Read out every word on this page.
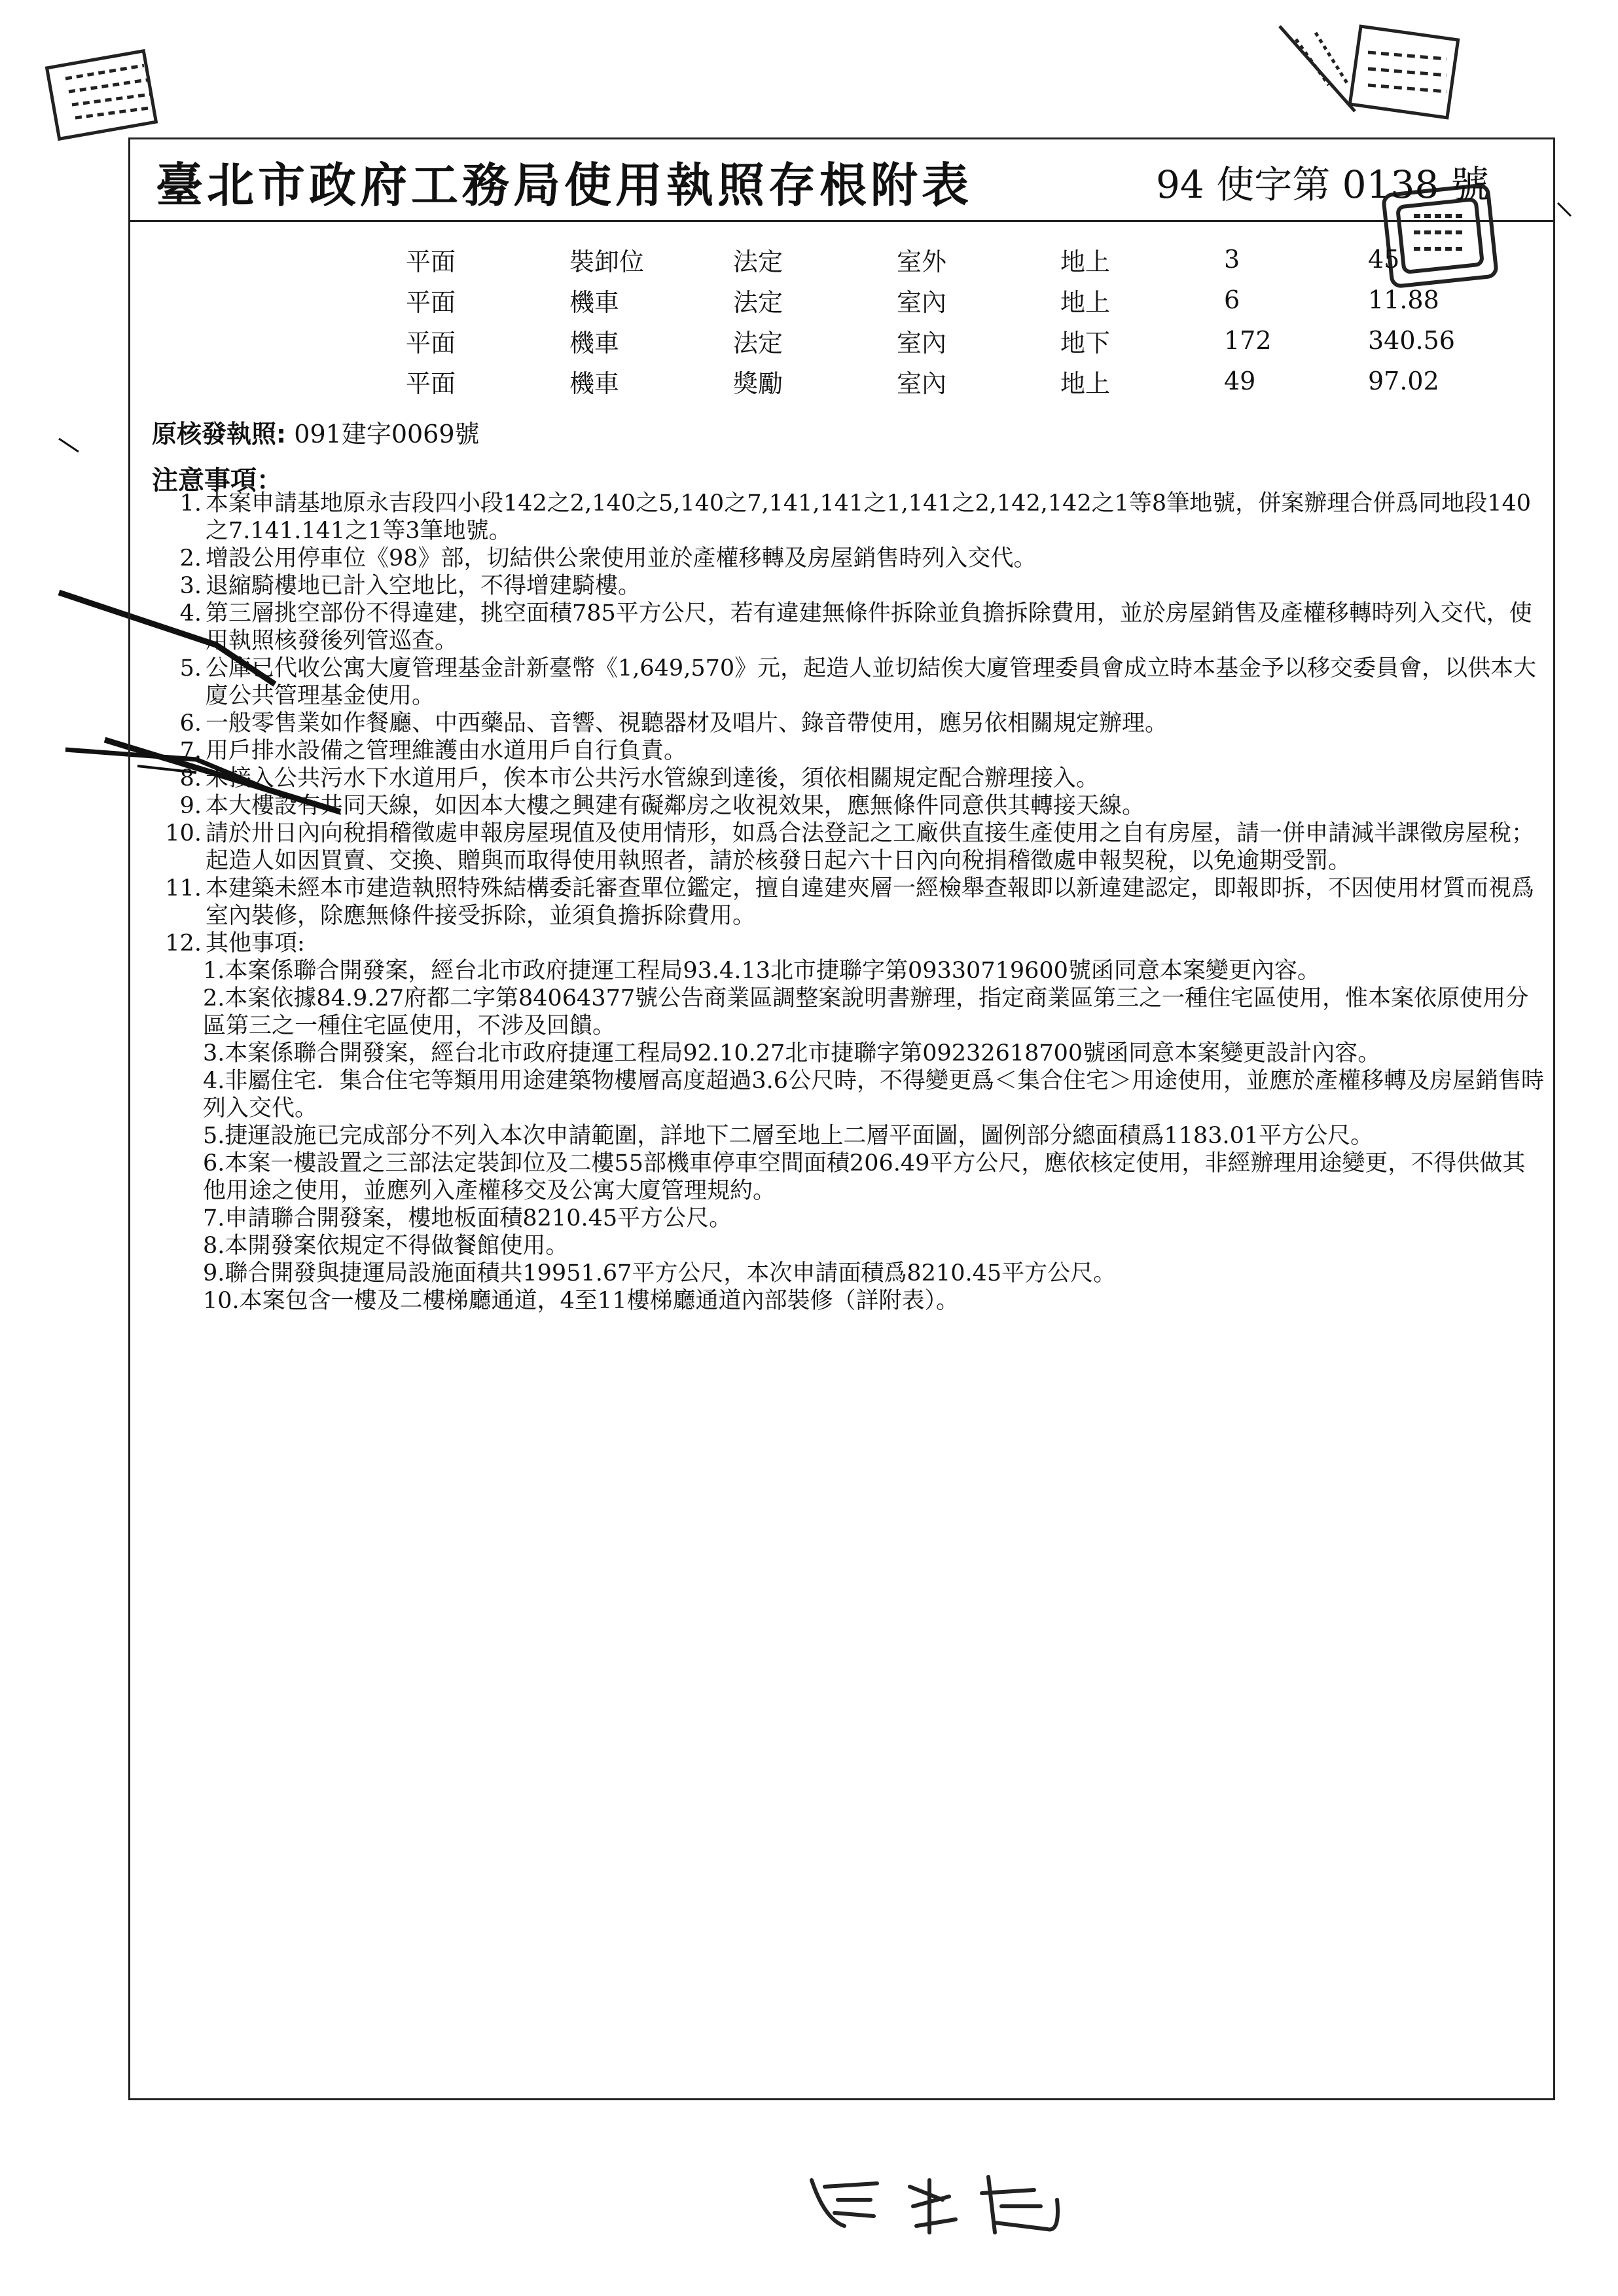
臺北市政府工務局使用執照存根附表	94 使字第 0138 號
平面	裝卸位	法定	室外	地上	3	45
平面	機車	法定	室內	地上	6	11.88
平面	機車	法定	室內	地下	172	340.56
平面	機車	獎勵	室內	地上	49	97.02
原核發執照: 091建字0069號
注意事項：
1. 本案申請基地原永吉段四小段142之2,140之5,140之7,141,141之1,141之2,142,142之1等8筆地號，併案辦理合併爲同地段140之7.141.141之1等3筆地號。
2. 增設公用停車位《98》部，切結供公衆使用並於產權移轉及房屋銷售時列入交代。
3. 退縮騎樓地已計入空地比，不得增建騎樓。
4. 第三層挑空部份不得違建，挑空面積785平方公尺，若有違建無條件拆除並負擔拆除費用，並於房屋銷售及產權移轉時列入交代，使用執照核發後列管巡查。
5. 公庫已代收公寓大廈管理基金計新臺幣《1,649,570》元，起造人並切結俟大廈管理委員會成立時本基金予以移交委員會，以供本大廈公共管理基金使用。
6. 一般零售業如作餐廳、中西藥品、音響、視聽器材及唱片、錄音帶使用，應另依相關規定辦理。
7. 用戶排水設備之管理維護由水道用戶自行負責。
8. 未接入公共污水下水道用戶，俟本市公共污水管線到達後，須依相關規定配合辦理接入。
9. 本大樓設有共同天線，如因本大樓之興建有礙鄰房之收視效果，應無條件同意供其轉接天線。
10. 請於卅日內向稅捐稽徵處申報房屋現值及使用情形，如爲合法登記之工廠供直接生產使用之自有房屋，請一併申請減半課徵房屋稅；起造人如因買賣、交換、贈與而取得使用執照者，請於核發日起六十日內向稅捐稽徵處申報契稅，以免逾期受罰。
11. 本建築未經本市建造執照特殊結構委託審查單位鑑定，擅自違建夾層一經檢舉查報即以新違建認定，即報即拆，不因使用材質而視爲室內裝修，除應無條件接受拆除，並須負擔拆除費用。
12. 其他事項:
1.本案係聯合開發案，經台北市政府捷運工程局93.4.13北市捷聯字第09330719600號函同意本案變更內容。
2.本案依據84.9.27府都二字第84064377號公告商業區調整案說明書辦理，指定商業區第三之一種住宅區使用，惟本案依原使用分區第三之一種住宅區使用，不涉及回饋。
3.本案係聯合開發案，經台北市政府捷運工程局92.10.27北市捷聯字第09232618700號函同意本案變更設計內容。
4.非屬住宅．集合住宅等類用用途建築物樓層高度超過3.6公尺時，不得變更爲＜集合住宅＞用途使用，並應於產權移轉及房屋銷售時列入交代。
5.捷運設施已完成部分不列入本次申請範圍，詳地下二層至地上二層平面圖，圖例部分總面積爲1183.01平方公尺。
6.本案一樓設置之三部法定裝卸位及二樓55部機車停車空間面積206.49平方公尺，應依核定使用，非經辦理用途變更，不得供做其他用途之使用，並應列入產權移交及公寓大廈管理規約。
7.申請聯合開發案，樓地板面積8210.45平方公尺。
8.本開發案依規定不得做餐館使用。
9.聯合開發與捷運局設施面積共19951.67平方公尺，本次申請面積爲8210.45平方公尺。
10.本案包含一樓及二樓梯廳通道，4至11樓梯廳通道內部裝修（詳附表）。
